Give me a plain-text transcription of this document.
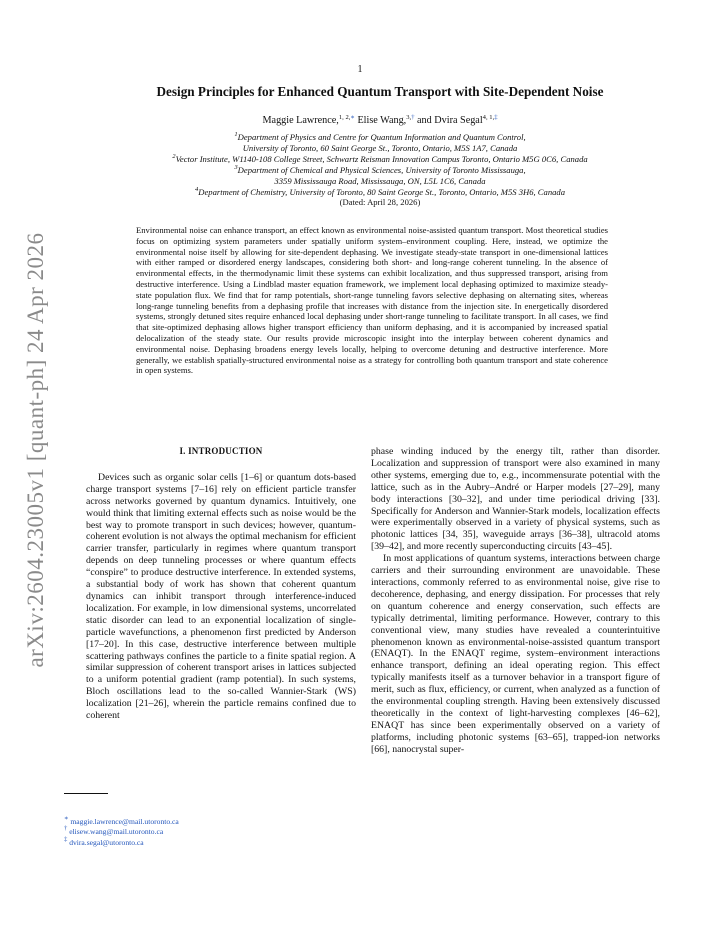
arXiv:2604.23005v1 [quant-ph] 24 Apr 2026
1
Design Principles for Enhanced Quantum Transport with Site-Dependent Noise
Maggie Lawrence,$^{1, 2,∗}$ Elise Wang,$^{3,\dagger}$ and Dvira Segal$^{4, 1,\ddagger}$
$^1$Department of Physics and Centre for Quantum Information and Quantum Control,
University of Toronto, 60 Saint George St., Toronto, Ontario, M5S 1A7, Canada
$^2$Vector Institute, W1140-108 College Street, Schwartz Reisman Innovation Campus Toronto, Ontario M5G 0C6, Canada
$^3$Department of Chemical and Physical Sciences, University of Toronto Mississauga,
3359 Mississauga Road, Mississauga, ON, L5L 1C6, Canada
$^4$Department of Chemistry, University of Toronto, 80 Saint George St., Toronto, Ontario, M5S 3H6, Canada
(Dated: April 28, 2026)
Environmental noise can enhance transport, an effect known as environmental noise-assisted quantum transport. Most theoretical studies focus on optimizing system parameters under spatially uniform system–environment coupling. Here, instead, we optimize the environmental noise itself by allowing for site-dependent dephasing. We investigate steady-state transport in one-dimensional lattices with either ramped or disordered energy landscapes, considering both short- and long-range coherent tunneling. In the absence of environmental effects, in the thermodynamic limit these systems can exhibit localization, and thus suppressed transport, arising from destructive interference. Using a Lindblad master equation framework, we implement local dephasing optimized to maximize steady-state population flux. We find that for ramp potentials, short-range tunneling favors selective dephasing on alternating sites, whereas long-range tunneling benefits from a dephasing profile that increases with distance from the injection site. In energetically disordered systems, strongly detuned sites require enhanced local dephasing under short-range tunneling to facilitate transport. In all cases, we find that site-optimized dephasing allows higher transport efficiency than uniform dephasing, and it is accompanied by increased spatial delocalization of the steady state. Our results provide microscopic insight into the interplay between coherent dynamics and environmental noise. Dephasing broadens energy levels locally, helping to overcome detuning and destructive interference. More generally, we establish spatially-structured environmental noise as a strategy for controlling both quantum transport and state coherence in open systems.
I. INTRODUCTION

Devices such as organic solar cells [1–6] or quantum dots-based charge transport systems [7–16] rely on efficient particle transfer across networks governed by quantum dynamics. Intuitively, one would think that limiting external effects such as noise would be the best way to promote transport in such devices; however, quantum-coherent evolution is not always the optimal mechanism for efficient carrier transfer, particularly in regimes where quantum transport depends on deep tunneling processes or where quantum effects “conspire” to produce destructive interference. In extended systems, a substantial body of work has shown that coherent quantum dynamics can inhibit transport through interference-induced localization. For example, in low dimensional systems, uncorrelated static disorder can lead to an exponential localization of single-particle wavefunctions, a phenomenon first predicted by Anderson [17–20]. In this case, destructive interference between multiple scattering pathways confines the particle to a finite spatial region. A similar suppression of coherent transport arises in lattices subjected to a uniform potential gradient (ramp potential). In such systems, Bloch oscillations lead to the so-called Wannier-Stark (WS) localization [21–26], wherein the particle remains confined due to coherent

phase winding induced by the energy tilt, rather than disorder. Localization and suppression of transport were also examined in many other systems, emerging due to, e.g., incommensurate potential with the lattice, such as in the Aubry–André or Harper models [27–29], many body interactions [30–32], and under time periodical driving [33]. Specifically for Anderson and Wannier-Stark models, localization effects were experimentally observed in a variety of physical systems, such as photonic lattices [34, 35], waveguide arrays [36–38], ultracold atoms [39–42], and more recently superconducting circuits [43–45].

In most applications of quantum systems, interactions between charge carriers and their surrounding environment are unavoidable. These interactions, commonly referred to as environmental noise, give rise to decoherence, dephasing, and energy dissipation. For processes that rely on quantum coherence and energy conservation, such effects are typically detrimental, limiting performance. However, contrary to this conventional view, many studies have revealed a counterintuitive phenomenon known as environmental-noise-assisted quantum transport (ENAQT). In the ENAQT regime, system–environment interactions enhance transport, defining an ideal operating region. This effect typically manifests itself as a turnover behavior in a transport figure of merit, such as flux, efficiency, or current, when analyzed as a function of the environmental coupling strength. Having been extensively discussed theoretically in the context of light-harvesting complexes [46–62], ENAQT has since been experimentally observed on a variety of platforms, including photonic systems [63–65], trapped-ion networks [66], nanocrystal super-

∗ maggie.lawrence@mail.utoronto.ca
† elisew.wang@mail.utoronto.ca
‡ dvira.segal@utoronto.ca
